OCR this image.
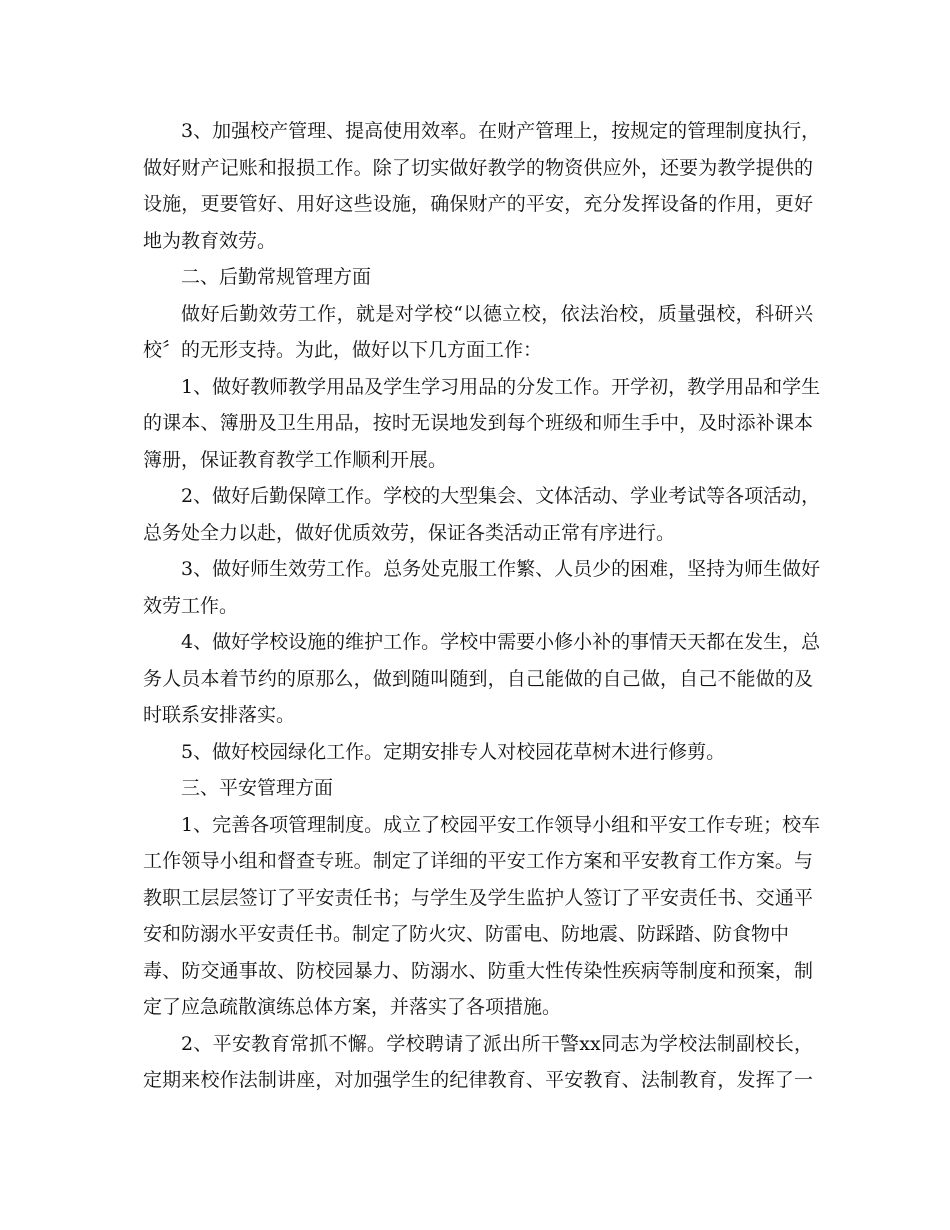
3、加强校产管理、提高使用效率。在财产管理上，按规定的管理制度执行，
做好财产记账和报损工作。除了切实做好教学的物资供应外，还要为教学提供的
设施，更要管好、用好这些设施，确保财产的平安，充分发挥设备的作用，更好
地为教育效劳。
二、后勤常规管理方面
做好后勤效劳工作，就是对学校“以德立校，依法治校，质量强校，科研兴
校〞的无形支持。为此，做好以下几方面工作：
1、做好教师教学用品及学生学习用品的分发工作。开学初，教学用品和学生
的课本、簿册及卫生用品，按时无误地发到每个班级和师生手中，及时添补课本
簿册，保证教育教学工作顺利开展。
2、做好后勤保障工作。学校的大型集会、文体活动、学业考试等各项活动，
总务处全力以赴，做好优质效劳，保证各类活动正常有序进行。
3、做好师生效劳工作。总务处克服工作繁、人员少的困难，坚持为师生做好
效劳工作。
4、做好学校设施的维护工作。学校中需要小修小补的事情天天都在发生，总
务人员本着节约的原那么，做到随叫随到，自己能做的自己做，自己不能做的及
时联系安排落实。
5、做好校园绿化工作。定期安排专人对校园花草树木进行修剪。
三、平安管理方面
1、完善各项管理制度。成立了校园平安工作领导小组和平安工作专班；校车
工作领导小组和督查专班。制定了详细的平安工作方案和平安教育工作方案。与
教职工层层签订了平安责任书；与学生及学生监护人签订了平安责任书、交通平
安和防溺水平安责任书。制定了防火灾、防雷电、防地震、防踩踏、防食物中
毒、防交通事故、防校园暴力、防溺水、防重大性传染性疾病等制度和预案，制
定了应急疏散演练总体方案，并落实了各项措施。
2、平安教育常抓不懈。学校聘请了派出所干警xx同志为学校法制副校长，
定期来校作法制讲座，对加强学生的纪律教育、平安教育、法制教育，发挥了一
